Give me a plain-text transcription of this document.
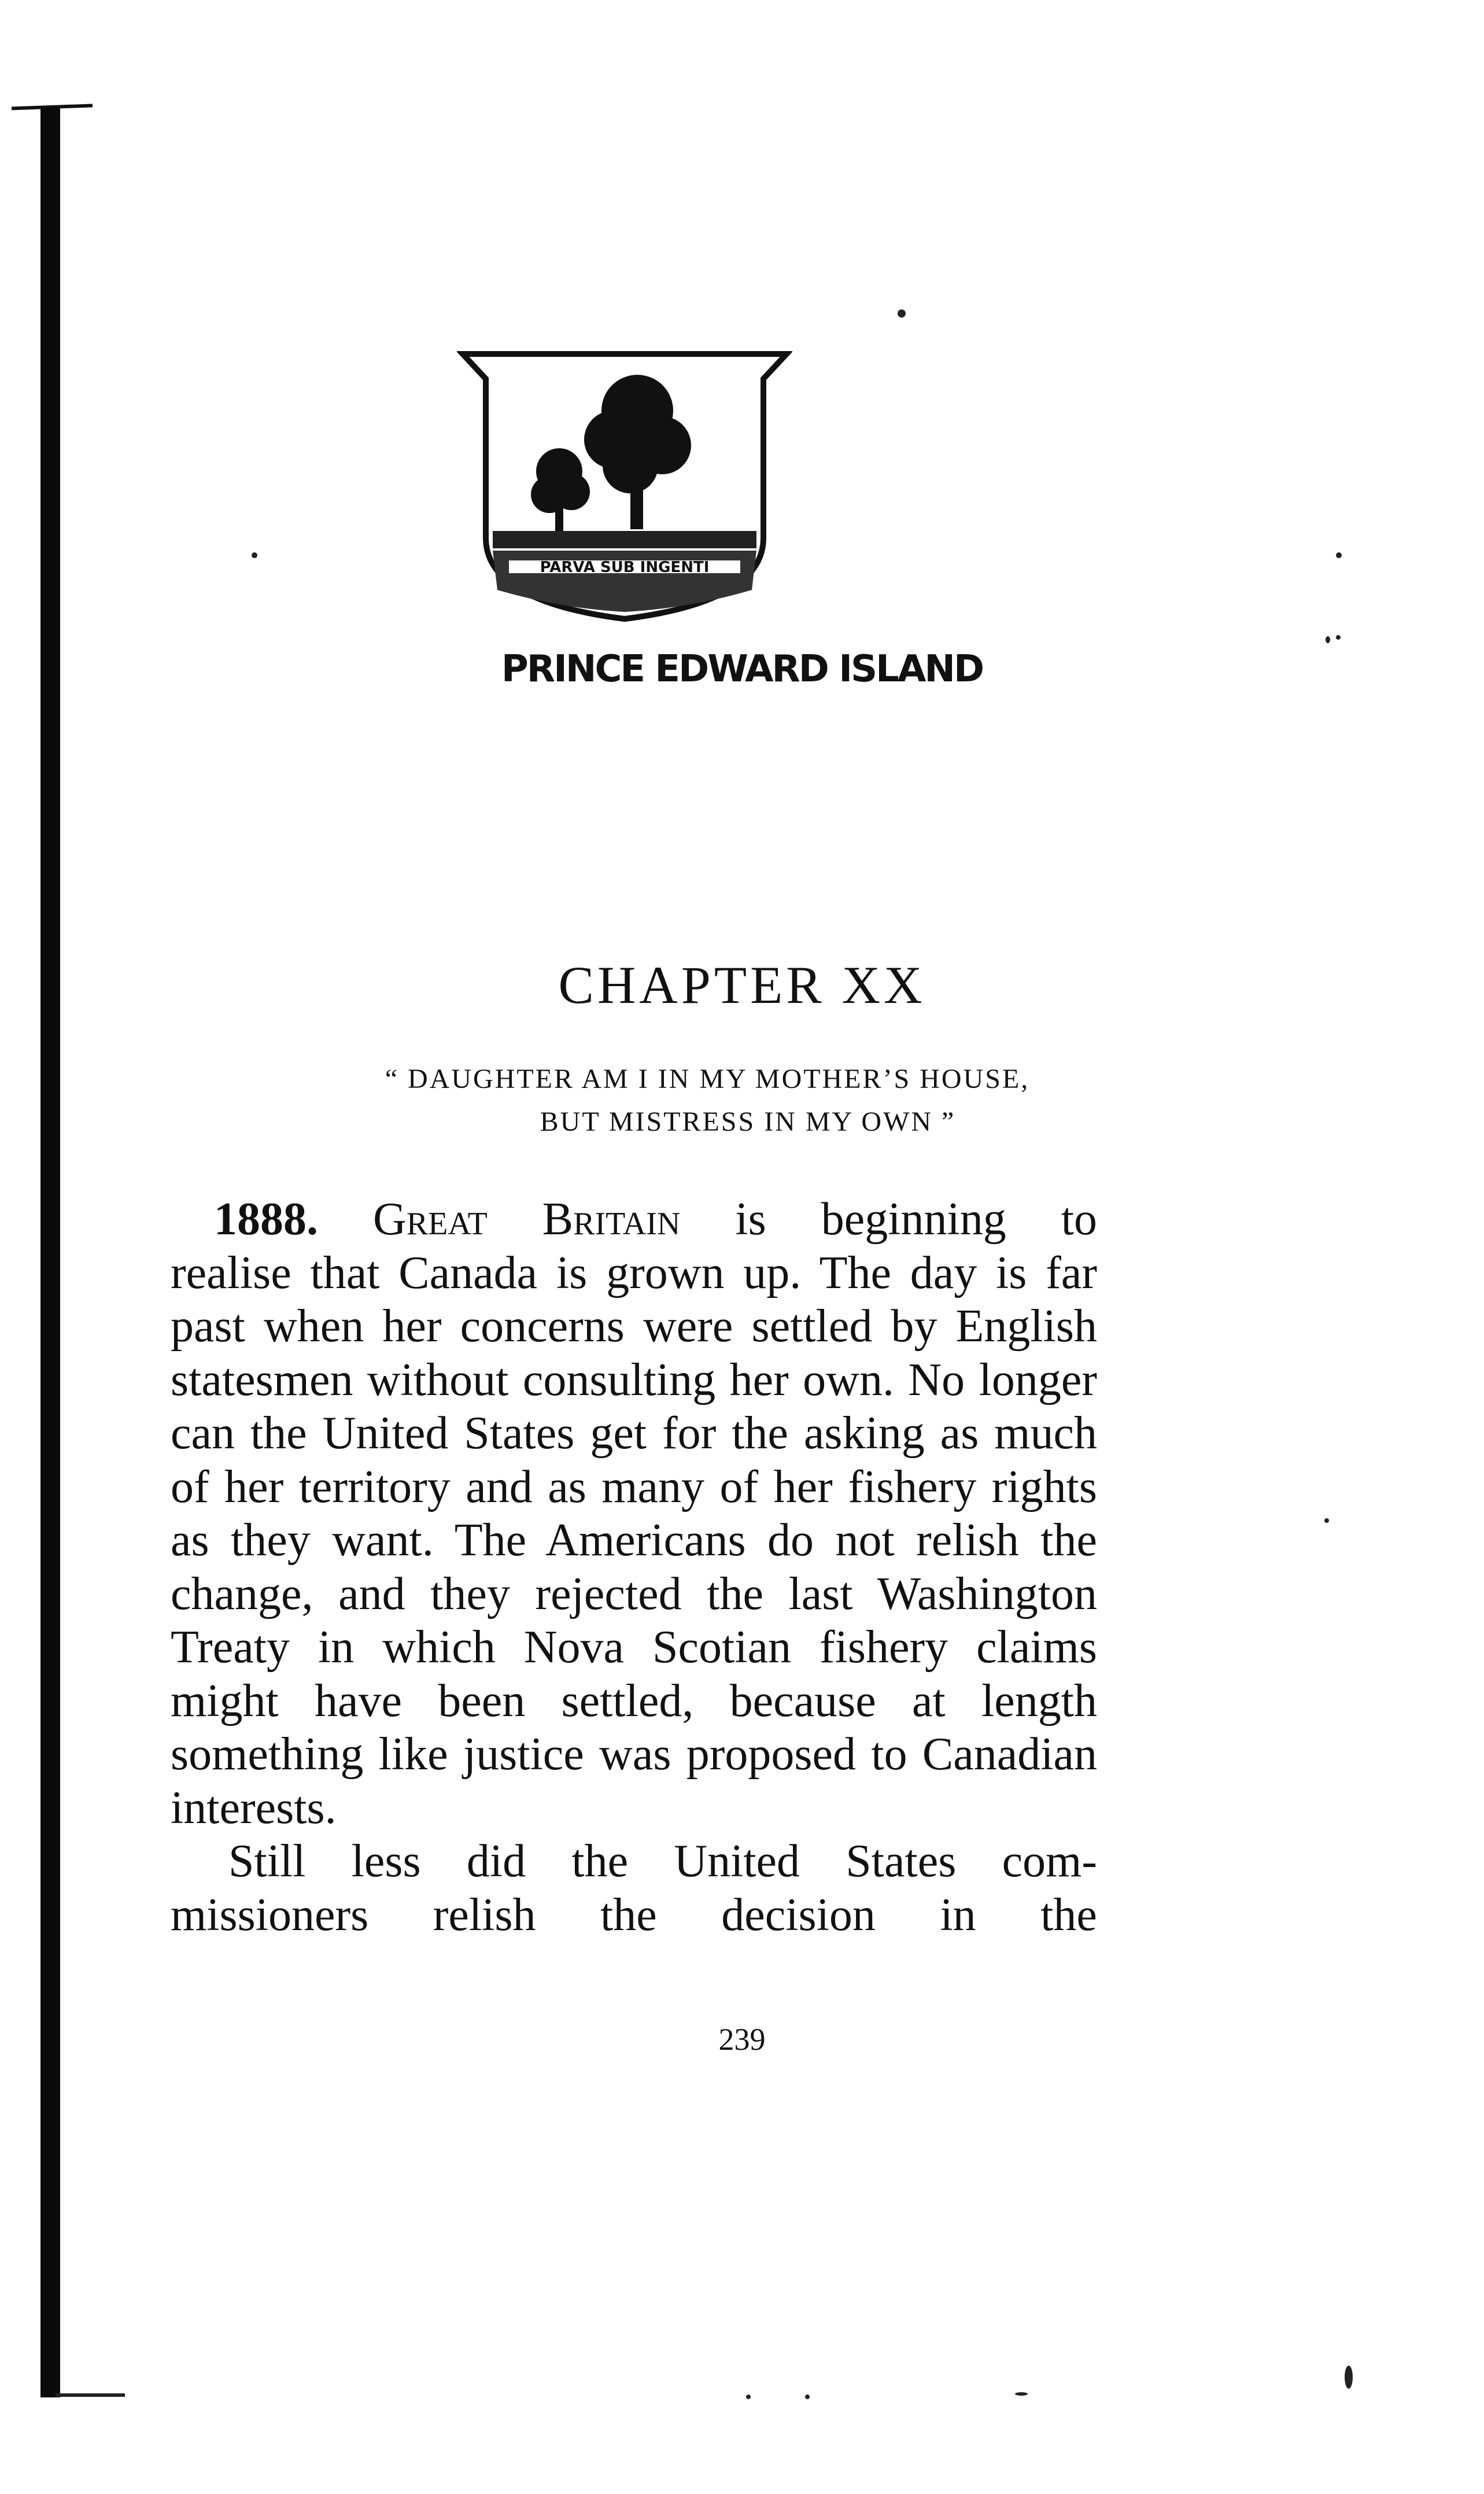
PARVA SUB INGENTI
PRINCE EDWARD ISLAND
CHAPTER XX
“ DAUGHTER AM I IN MY MOTHER’S HOUSE,
BUT MISTRESS IN MY OWN ”

1888. Great Britain is beginning to
realise that Canada is grown up. The day is far past when her concerns were settled by English statesmen without consulting her own. No longer can the United States get for the asking as much of her territory and as many of her fishery rights as they want. The Americans do not relish the change, and they rejected the last Washington Treaty in which Nova Scotian fishery claims might have been settled, because at length something like justice was proposed to Canadian interests.

Still less did the United States com-
missioners relish the decision in the

239
